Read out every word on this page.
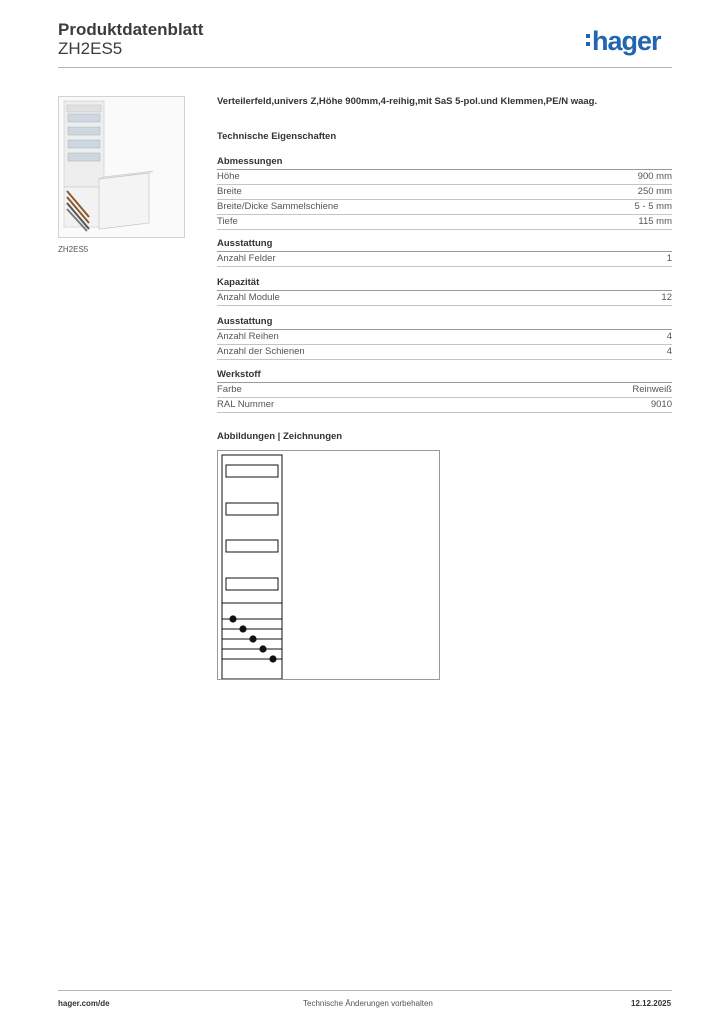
Produktdatenblatt
ZH2ES5	hager
ZH2ES5
Verteilerfeld,univers Z,Höhe 900mm,4-reihig,mit SaS 5-pol.und Klemmen,PE/N waag.
Technische Eigenschaften
Abmessungen
Höhe	900 mm
Breite	250 mm
Breite/Dicke Sammelschiene	5 - 5 mm
Tiefe	115 mm
Ausstattung
Anzahl Felder	1
Kapazität
Anzahl Module	12
Ausstattung
Anzahl Reihen	4
Anzahl der Schienen	4
Werkstoff
Farbe	Reinweiß
RAL Nummer	9010
Abbildungen | Zeichnungen
hager.com/de	Technische Änderungen vorbehalten	12.12.2025
